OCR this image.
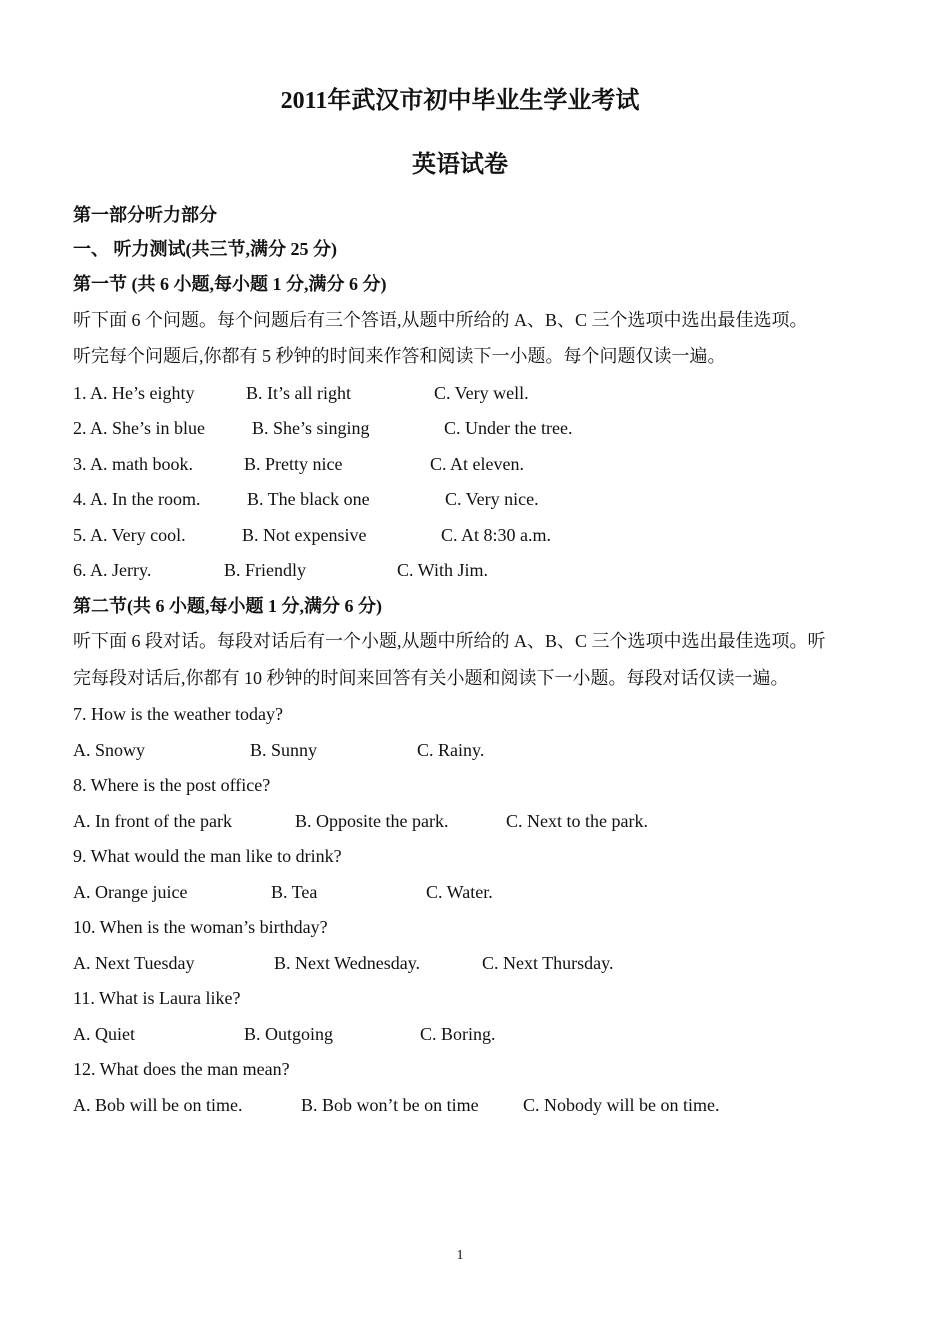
2011年武汉市初中毕业生学业考试
英语试卷
第一部分听力部分
一、 听力测试(共三节,满分 25 分)
第一节 (共 6 小题,每小题 1 分,满分 6 分)
听下面 6 个问题。每个问题后有三个答语,从题中所给的 A、B、C 三个选项中选出最佳选项。
听完每个问题后,你都有 5 秒钟的时间来作答和阅读下一小题。每个问题仅读一遍。
1. A. He’s eighty	B. It’s all right	C. Very well.
2. A. She’s in blue	B. She’s singing	C. Under the tree.
3. A. math book.	B. Pretty nice	C. At eleven.
4. A. In the room.	B. The black one	C. Very nice.
5. A. Very cool.	B. Not expensive	C. At 8:30 a.m.
6. A. Jerry.	B. Friendly	C. With Jim.
第二节(共 6 小题,每小题 1 分,满分 6 分)
听下面 6 段对话。每段对话后有一个小题,从题中所给的 A、B、C 三个选项中选出最佳选项。听
完每段对话后,你都有 10 秒钟的时间来回答有关小题和阅读下一小题。每段对话仅读一遍。
7. How is the weather today?
A. Snowy	B. Sunny	C. Rainy.
8. Where is the post office?
A. In front of the park	B. Opposite the park.	C. Next to the park.
9. What would the man like to drink?
A. Orange juice	B. Tea	C. Water.
10. When is the woman’s birthday?
A. Next Tuesday	B. Next Wednesday.	C. Next Thursday.
11. What is Laura like?
A. Quiet	B. Outgoing	C. Boring.
12. What does the man mean?
A. Bob will be on time.	B. Bob won’t be on time C. Nobody will be on time.
1
